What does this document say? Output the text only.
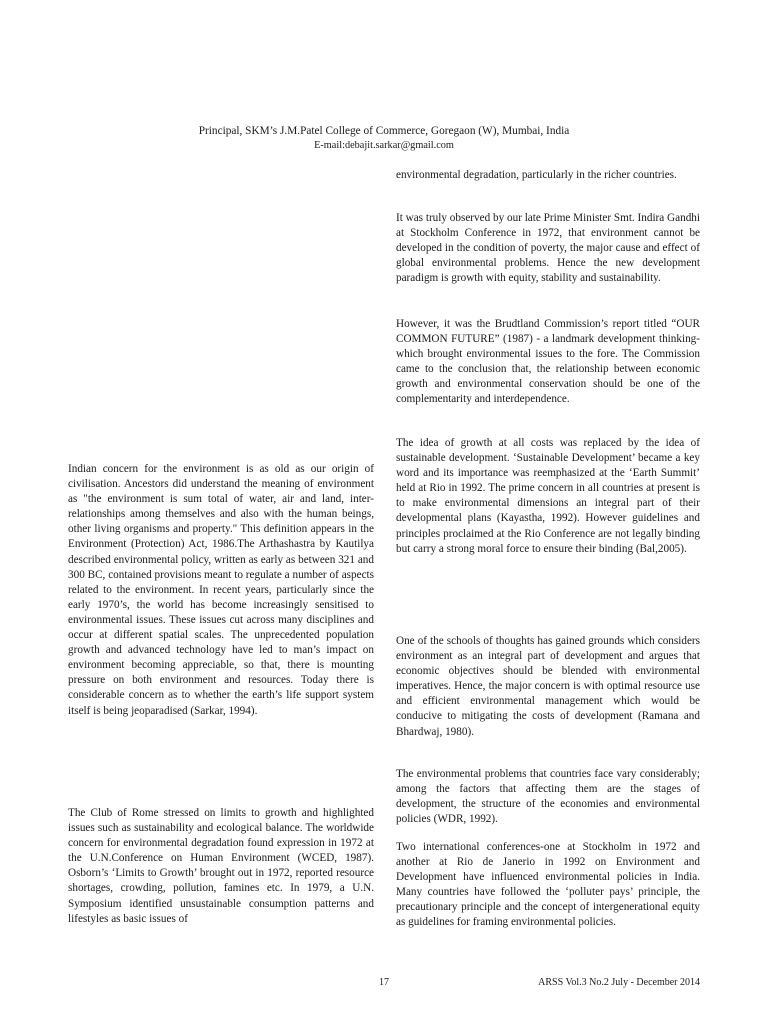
Principal, SKM’s J.M.Patel College of Commerce, Goregaon (W), Mumbai, India
E-mail:debajit.sarkar@gmail.com

Indian concern for the environment is as old as our origin of civilisation. Ancestors did understand the meaning of environment as "the environment is sum total of water, air and land, inter-relationships among themselves and also with the human beings, other living organisms and property." This definition appears in the Environment (Protection) Act, 1986.The Arthashastra by Kautilya described environmental policy, written as early as between 321 and 300 BC, contained provisions meant to regulate a number of aspects related to the environment. In recent years, particularly since the early 1970’s, the world has become increasingly sensitised to environmental issues. These issues cut across many disciplines and occur at different spatial scales. The unprecedented population growth and advanced technology have led to man’s impact on environment becoming appreciable, so that, there is mounting pressure on both environment and resources. Today there is considerable concern as to whether the earth’s life support system itself is being jeoparadised (Sarkar, 1994).

The Club of Rome stressed on limits to growth and highlighted issues such as sustainability and ecological balance. The worldwide concern for environmental degradation found expression in 1972 at the U.N.Conference on Human Environment (WCED, 1987). Osborn’s ‘Limits to Growth’ brought out in 1972, reported resource shortages, crowding, pollution, famines etc. In 1979, a U.N. Symposium identified unsustainable consumption patterns and lifestyles as basic issues of

environmental degradation, particularly in the richer countries.

It was truly observed by our late Prime Minister Smt. Indira Gandhi at Stockholm Conference in 1972, that environment cannot be developed in the condition of poverty, the major cause and effect of global environmental problems. Hence the new development paradigm is growth with equity, stability and sustainability.

However, it was the Brudtland Commission’s report titled “OUR COMMON FUTURE” (1987) - a landmark development thinking-which brought environmental issues to the fore. The Commission came to the conclusion that, the relationship between economic growth and environmental conservation should be one of the complementarity and interdependence.

The idea of growth at all costs was replaced by the idea of sustainable development. ‘Sustainable Development’ became a key word and its importance was reemphasized at the ‘Earth Summit’ held at Rio in 1992. The prime concern in all countries at present is to make environmental dimensions an integral part of their developmental plans (Kayastha, 1992). However guidelines and principles proclaimed at the Rio Conference are not legally binding but carry a strong moral force to ensure their binding (Bal,2005).

One of the schools of thoughts has gained grounds which considers environment as an integral part of development and argues that economic objectives should be blended with environmental imperatives. Hence, the major concern is with optimal resource use and efficient environmental management which would be conducive to mitigating the costs of development (Ramana and Bhardwaj, 1980).

The environmental problems that countries face vary considerably; among the factors that affecting them are the stages of development, the structure of the economies and environmental policies (WDR, 1992).

Two international conferences-one at Stockholm in 1972 and another at Rio de Janerio in 1992 on Environment and Development have influenced environmental policies in India. Many countries have followed the ‘polluter pays’ principle, the precautionary principle and the concept of intergenerational equity as guidelines for framing environmental policies.

17	ARSS Vol.3 No.2 July - December 2014
